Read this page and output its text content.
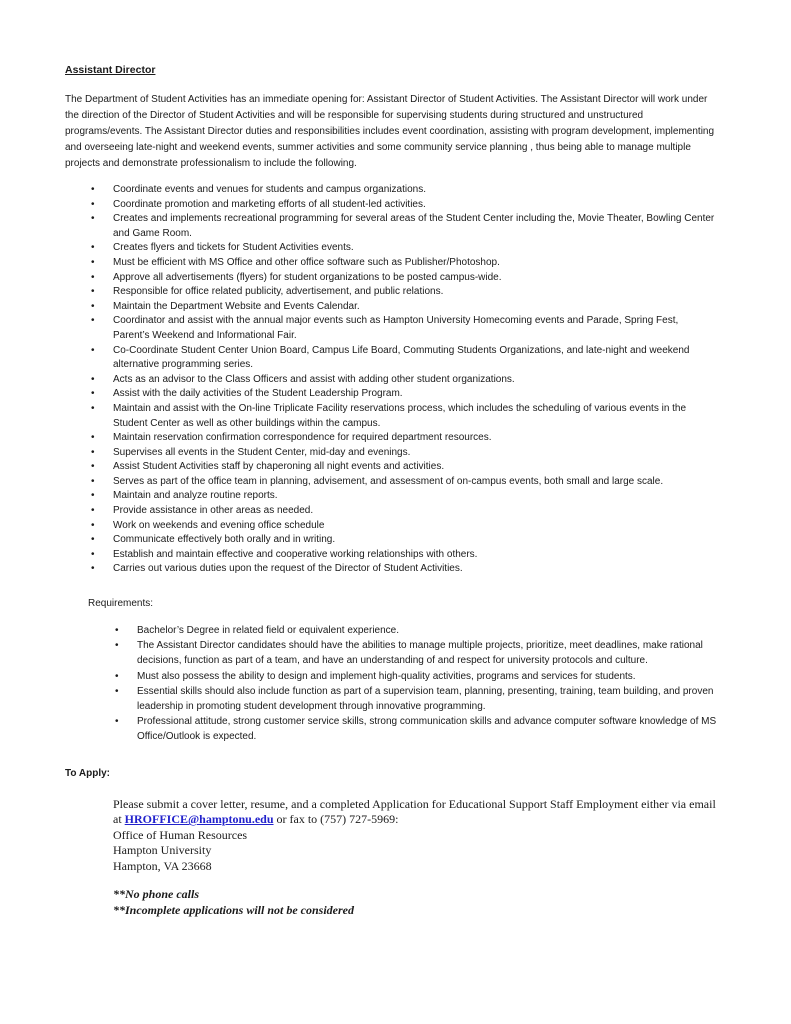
Assistant Director

The Department of Student Activities has an immediate opening for: Assistant Director of Student Activities. The Assistant Director will work under the direction of the Director of Student Activities and will be responsible for supervising students during structured and unstructured programs/events. The Assistant Director duties and responsibilities includes event coordination, assisting with program development, implementing and overseeing late-night and weekend events, summer activities and some community service planning , thus being able to manage multiple projects and demonstrate professionalism to include the following.

• Coordinate events and venues for students and campus organizations.
• Coordinate promotion and marketing efforts of all student-led activities.
• Creates and implements recreational programming for several areas of the Student Center including the, Movie Theater, Bowling Center and Game Room.
• Creates flyers and tickets for Student Activities events.
• Must be efficient with MS Office and other office software such as Publisher/Photoshop.
• Approve all advertisements (flyers) for student organizations to be posted campus-wide.
• Responsible for office related publicity, advertisement, and public relations.
• Maintain the Department Website and Events Calendar.
• Coordinator and assist with the annual major events such as Hampton University Homecoming events and Parade, Spring Fest, Parent’s Weekend and Informational Fair.
• Co-Coordinate Student Center Union Board, Campus Life Board, Commuting Students Organizations, and late-night and weekend alternative programming series.
• Acts as an advisor to the Class Officers and assist with adding other student organizations.
• Assist with the daily activities of the Student Leadership Program.
• Maintain and assist with the On-line Triplicate Facility reservations process, which includes the scheduling of various events in the Student Center as well as other buildings within the campus.
• Maintain reservation confirmation correspondence for required department resources.
• Supervises all events in the Student Center, mid-day and evenings.
• Assist Student Activities staff by chaperoning all night events and activities.
• Serves as part of the office team in planning, advisement, and assessment of on-campus events, both small and large scale.
• Maintain and analyze routine reports.
• Provide assistance in other areas as needed.
• Work on weekends and evening office schedule
• Communicate effectively both orally and in writing.
• Establish and maintain effective and cooperative working relationships with others.
• Carries out various duties upon the request of the Director of Student Activities.

Requirements:

• Bachelor’s Degree in related field or equivalent experience.
• The Assistant Director candidates should have the abilities to manage multiple projects, prioritize, meet deadlines, make rational decisions, function as part of a team, and have an understanding of and respect for university protocols and culture.
• Must also possess the ability to design and implement high-quality activities, programs and services for students.
• Essential skills should also include function as part of a supervision team, planning, presenting, training, team building, and proven leadership in promoting student development through innovative programming.
• Professional attitude, strong customer service skills, strong communication skills and advance computer software knowledge of MS Office/Outlook is expected.

To Apply:

Please submit a cover letter, resume, and a completed Application for Educational Support Staff Employment either via email at HROFFICE@hamptonu.edu or fax to (757) 727-5969:

Office of Human Resources

Hampton University

Hampton, VA 23668

**No phone calls

**Incomplete applications will not be considered
